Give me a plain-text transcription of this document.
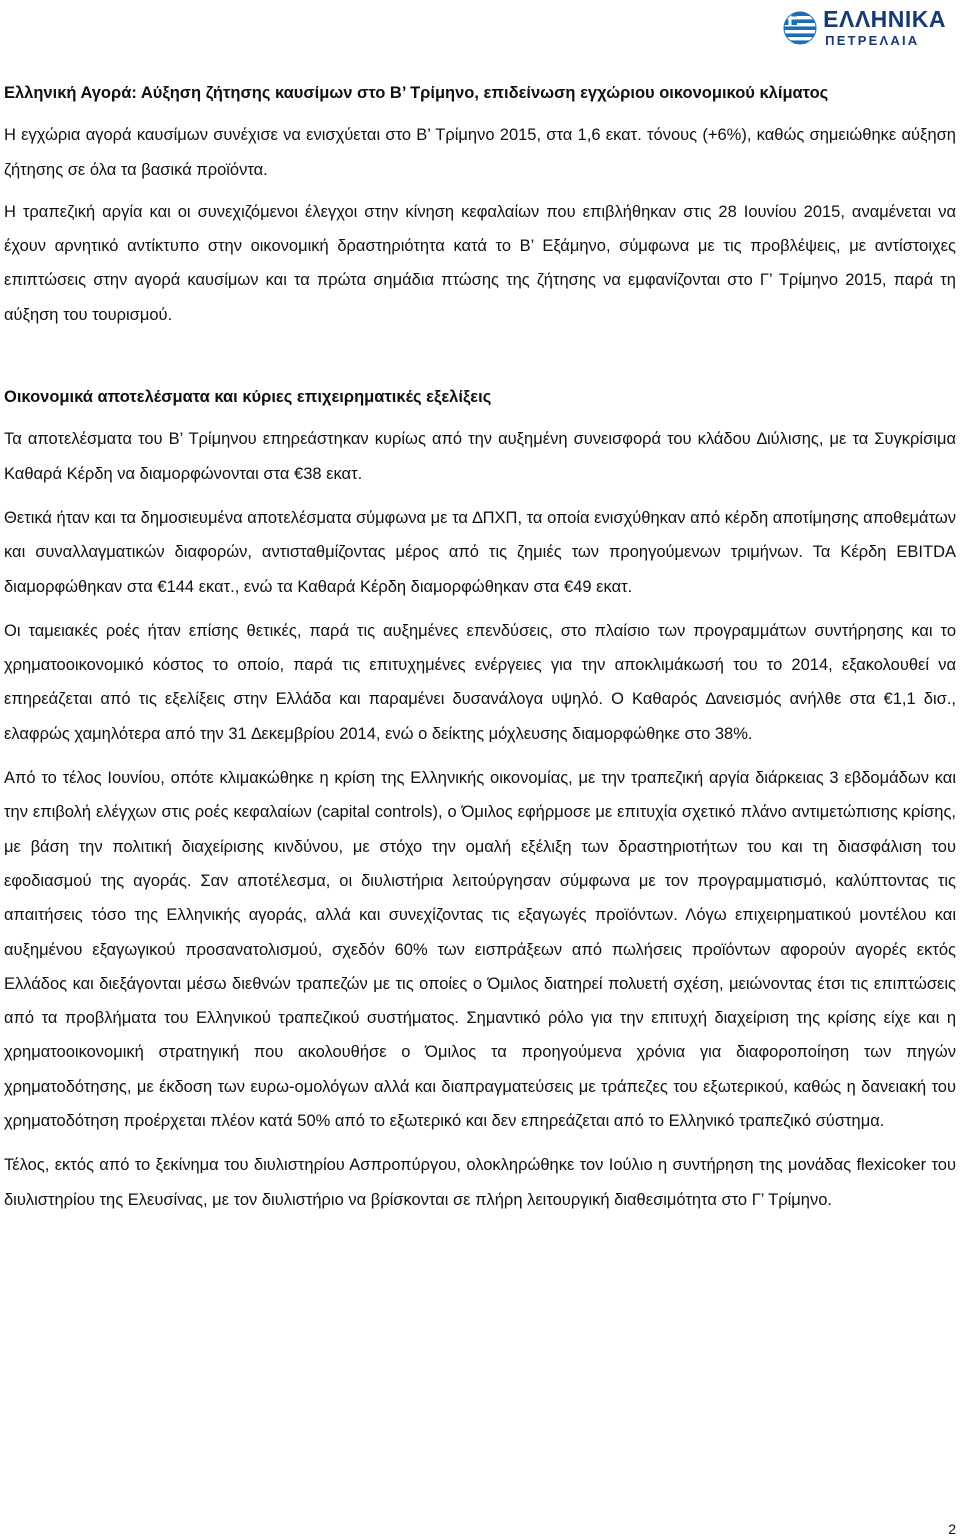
ΕΛΛΗΝΙΚΑ
ΠΕΤΡΕΛΑΙΑ

Ελληνική Αγορά: Αύξηση ζήτησης καυσίμων στο Β’ Τρίμηνο, επιδείνωση εγχώριου οικονομικού κλίματος

Η εγχώρια αγορά καυσίμων συνέχισε να ενισχύεται στο Β’ Τρίμηνο 2015, στα 1,6 εκατ. τόνους (+6%), καθώς σημειώθηκε αύξηση ζήτησης σε όλα τα βασικά προϊόντα.

Η τραπεζική αργία και οι συνεχιζόμενοι έλεγχοι στην κίνηση κεφαλαίων που επιβλήθηκαν στις 28 Ιουνίου 2015, αναμένεται να έχουν αρνητικό αντίκτυπο στην οικονομική δραστηριότητα κατά το Β’ Εξάμηνο, σύμφωνα με τις προβλέψεις, με αντίστοιχες επιπτώσεις στην αγορά καυσίμων και τα πρώτα σημάδια πτώσης της ζήτησης να εμφανίζονται στο Γ’ Τρίμηνο 2015, παρά τη αύξηση του τουρισμού.

Οικονομικά αποτελέσματα και κύριες επιχειρηματικές εξελίξεις

Τα αποτελέσματα του Β’ Τρίμηνου επηρεάστηκαν κυρίως από την αυξημένη συνεισφορά του κλάδου ∆ιύλισης, με τα Συγκρίσιμα Καθαρά Κέρδη να διαμορφώνονται στα €38 εκατ.

Θετικά ήταν και τα δημοσιευμένα αποτελέσματα σύμφωνα με τα ∆ΠΧΠ, τα οποία ενισχύθηκαν από κέρδη αποτίμησης αποθεμάτων και συναλλαγματικών διαφορών, αντισταθμίζοντας μέρος από τις ζημιές των προηγούμενων τριμήνων. Τα Κέρδη EBITDA διαμορφώθηκαν στα €144 εκατ., ενώ τα Καθαρά Κέρδη διαμορφώθηκαν στα €49 εκατ.

Οι ταμειακές ροές ήταν επίσης θετικές, παρά τις αυξημένες επενδύσεις, στο πλαίσιο των προγραμμάτων συντήρησης και το χρηματοοικονομικό κόστος το οποίο, παρά τις επιτυχημένες ενέργειες για την αποκλιμάκωσή του το 2014, εξακολουθεί να επηρεάζεται από τις εξελίξεις στην Ελλάδα και παραμένει δυσανάλογα υψηλό. Ο Καθαρός ∆ανεισμός ανήλθε στα €1,1 δισ., ελαφρώς χαμηλότερα από την 31 ∆εκεμβρίου 2014, ενώ ο δείκτης μόχλευσης διαμορφώθηκε στο 38%.

Από το τέλος Ιουνίου, οπότε κλιμακώθηκε η κρίση της Ελληνικής οικονομίας, με την τραπεζική αργία διάρκειας 3 εβδομάδων και την επιβολή ελέγχων στις ροές κεφαλαίων (capital controls), ο Όμιλος εφήρμοσε με επιτυχία σχετικό πλάνο αντιμετώπισης κρίσης, με βάση την πολιτική διαχείρισης κινδύνου, με στόχο την ομαλή εξέλιξη των δραστηριοτήτων του και τη διασφάλιση του εφοδιασμού της αγοράς. Σαν αποτέλεσμα, οι διυλιστήρια λειτούργησαν σύμφωνα με τον προγραμματισμό, καλύπτοντας τις απαιτήσεις τόσο της Ελληνικής αγοράς, αλλά και συνεχίζοντας τις εξαγωγές προϊόντων. Λόγω επιχειρηματικού μοντέλου και αυξημένου εξαγωγικού προσανατολισμού, σχεδόν 60% των εισπράξεων από πωλήσεις προϊόντων αφορούν αγορές εκτός Ελλάδος και διεξάγονται μέσω διεθνών τραπεζών με τις οποίες ο Όμιλος διατηρεί πολυετή σχέση, μειώνοντας έτσι τις επιπτώσεις από τα προβλήματα του Ελληνικού τραπεζικού συστήματος. Σημαντικό ρόλο για την επιτυχή διαχείριση της κρίσης είχε και η χρηματοοικονομική στρατηγική που ακολουθήσε ο Όμιλος τα προηγούμενα χρόνια για διαφοροποίηση των πηγών χρηματοδότησης, με έκδοση των ευρω-ομολόγων αλλά και διαπραγματεύσεις με τράπεζες του εξωτερικού, καθώς η δανειακή του χρηματοδότηση προέρχεται πλέον κατά 50% από το εξωτερικό και δεν επηρεάζεται από το Ελληνικό τραπεζικό σύστημα.

Τέλος, εκτός από το ξεκίνημα του διυλιστηρίου Ασπροπύργου, ολοκληρώθηκε τον Ιούλιο η συντήρηση της μονάδας flexicoker του διυλιστηρίου της Ελευσίνας, με τον διυλιστήριο να βρίσκονται σε πλήρη λειτουργική διαθεσιμότητα στο Γ’ Τρίμηνο.

2
